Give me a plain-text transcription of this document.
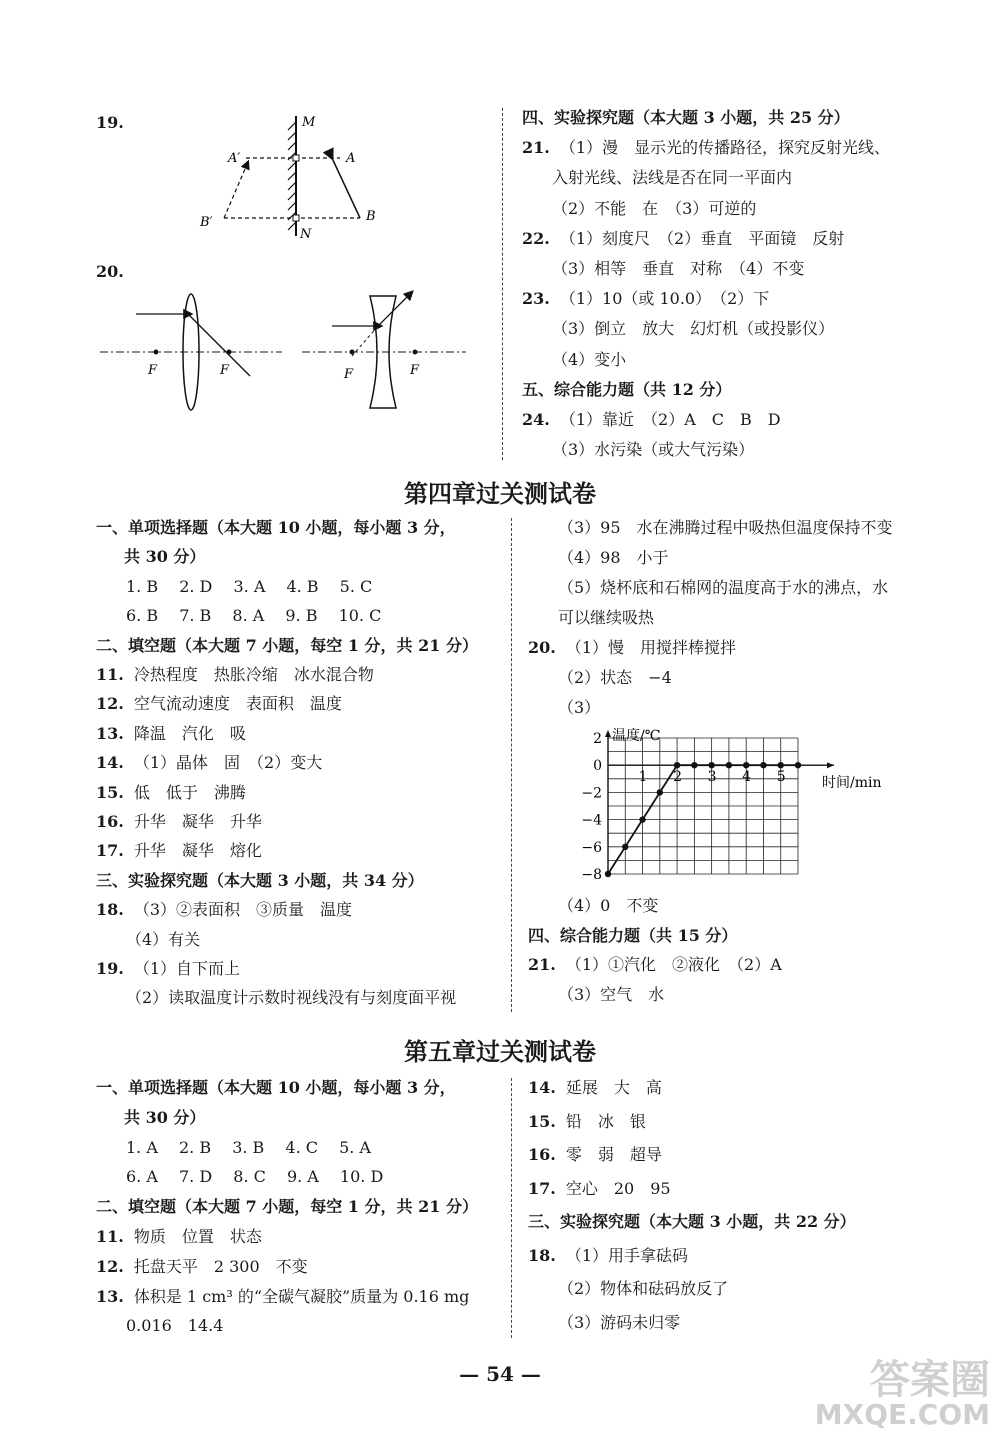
19.	M
N
A′	A
B′	B
20.
F	F	F	F
四、实验探究题（本大题 3 小题，共 25 分）
21. （1）漫　显示光的传播路径，探究反射光线、
入射光线、法线是否在同一平面内
（2）不能　在　（3）可逆的
22. （1）刻度尺　（2）垂直　平面镜　反射
（3）相等　垂直　对称　（4）不变
23. （1）10（或 10.0）　（2）下
（3）倒立　放大　幻灯机（或投影仪）
（4）变小
五、综合能力题（共 12 分）
24. （1）靠近　（2）A　C　B　D
（3）水污染（或大气污染）
第四章过关测试卷
一、单项选择题（本大题 10 小题，每小题 3 分，
共 30 分）
1. B　 2. D　 3. A　 4. B　 5. C
6. B　 7. B　 8. A　 9. B　 10. C
二、填空题（本大题 7 小题，每空 1 分，共 21 分）
11. 冷热程度　热胀冷缩　冰水混合物
12. 空气流动速度　表面积　温度
13. 降温　汽化　吸
14. （1）晶体　固　（2）变大
15. 低　低于　沸腾
16. 升华　凝华　升华
17. 升华　凝华　熔化
三、实验探究题（本大题 3 小题，共 34 分）
18. （3）②表面积　③质量　温度
（4）有关
19. （1）自下而上
（2）读取温度计示数时视线没有与刻度面平视
（3）95　水在沸腾过程中吸热但温度保持不变
（4）98　小于
（5）烧杯底和石棉网的温度高于水的沸点，水
可以继续吸热
20. （1）慢　用搅拌棒搅拌
（2）状态　−4
（3）
2
0
−2
−4
−6
−8
1 2 3 4 5
温度/℃
时间/min
（4）0　不变
四、综合能力题（共 15 分）
21. （1）①汽化　②液化　（2）A
（3）空气　水
第五章过关测试卷
一、单项选择题（本大题 10 小题，每小题 3 分，
共 30 分）
1. A　 2. B　 3. B　 4. C　 5. A
6. A　 7. D　 8. C　 9. A　 10. D
二、填空题（本大题 7 小题，每空 1 分，共 21 分）
11. 物质　位置　状态
12. 托盘天平　2 300　不变
13. 体积是 1 cm³ 的“全碳气凝胶”质量为 0.16 mg
0.016　14.4
14. 延展　大　高
15. 铅　冰　银
16. 零　弱　超导
17. 空心　20　95
三、实验探究题（本大题 3 小题，共 22 分）
18. （1）用手拿砝码
（2）物体和砝码放反了
（3）游码未归零
— 54 —	答案圈
MXQE.COM
